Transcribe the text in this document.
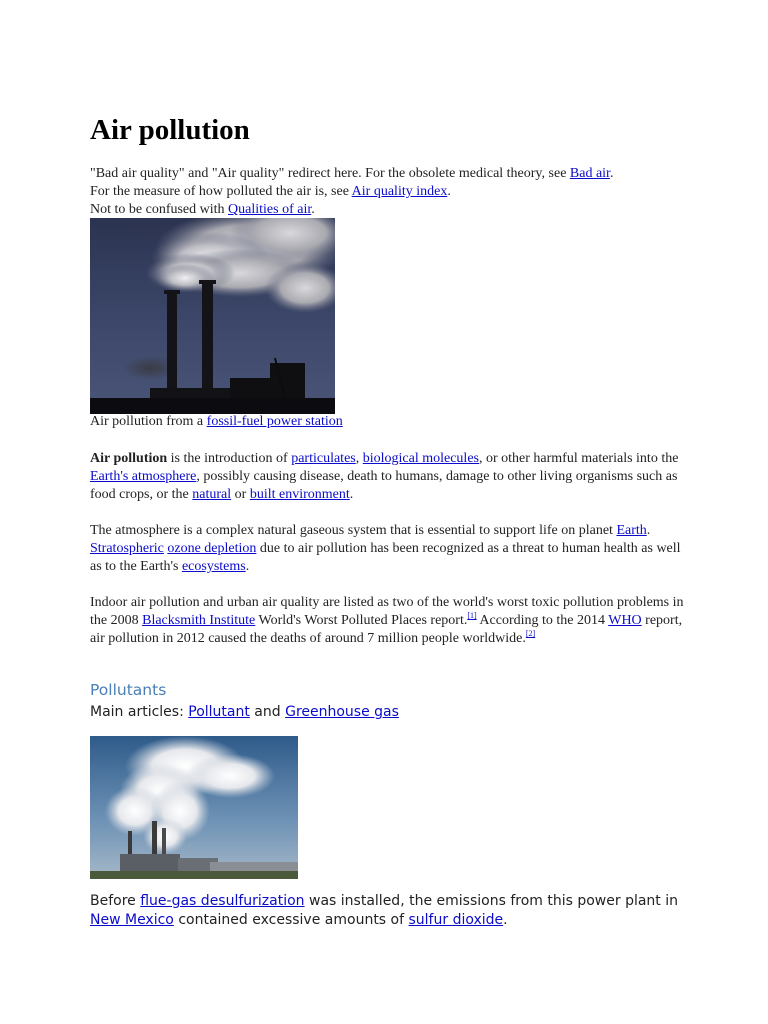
Air pollution
"Bad air quality" and "Air quality" redirect here. For the obsolete medical theory, see Bad air.
For the measure of how polluted the air is, see Air quality index.
Not to be confused with Qualities of air.
Air pollution from a fossil-fuel power station

Air pollution is the introduction of particulates, biological molecules, or other harmful materials into the Earth's atmosphere, possibly causing disease, death to humans, damage to other living organisms such as food crops, or the natural or built environment.

The atmosphere is a complex natural gaseous system that is essential to support life on planet Earth. Stratospheric ozone depletion due to air pollution has been recognized as a threat to human health as well as to the Earth's ecosystems.

Indoor air pollution and urban air quality are listed as two of the world's worst toxic pollution problems in the 2008 Blacksmith Institute World's Worst Polluted Places report.[1] According to the 2014 WHO report, air pollution in 2012 caused the deaths of around 7 million people worldwide.[2]

Pollutants
Main articles: Pollutant and Greenhouse gas
Before flue-gas desulfurization was installed, the emissions from this power plant in New Mexico contained excessive amounts of sulfur dioxide.
